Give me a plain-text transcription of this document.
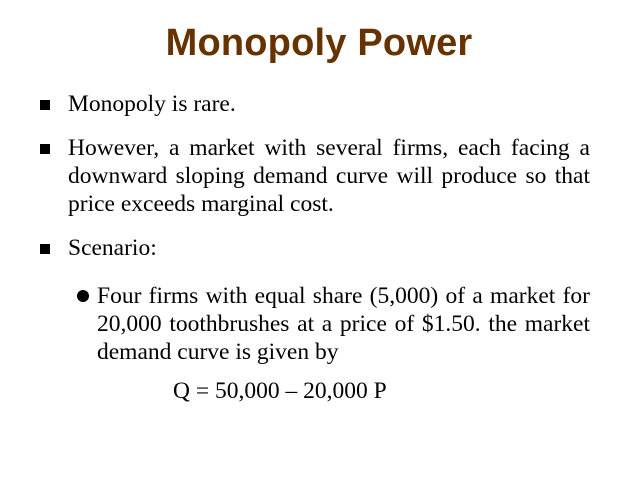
Monopoly Power
Monopoly is rare.
However, a market with several firms, each facing a downward sloping demand curve will produce so that price exceeds marginal cost.
Scenario:
Four firms with equal share (5,000) of a market for 20,000 toothbrushes at a price of $1.50. the market demand curve is given by
Q = 50,000 – 20,000 P
